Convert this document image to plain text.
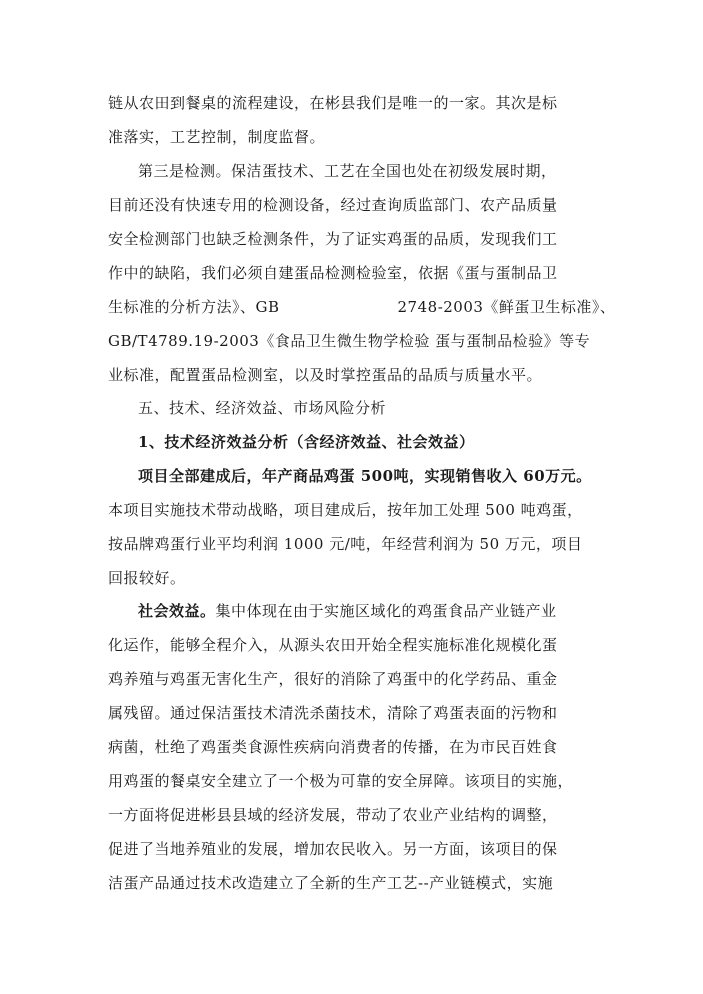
链从农田到餐桌的流程建设，在彬县我们是唯一的一家。其次是标
准落实，工艺控制，制度监督。
第三是检测。保洁蛋技术、工艺在全国也处在初级发展时期，
目前还没有快速专用的检测设备，经过查询质监部门、农产品质量
安全检测部门也缺乏检测条件，为了证实鸡蛋的品质，发现我们工
作中的缺陷，我们必须自建蛋品检测检验室，依据《蛋与蛋制品卫
生标准的分析方法》、GB	2748-2003《鲜蛋卫生标准》、
GB/T4789.19-2003《食品卫生微生物学检验 蛋与蛋制品检验》等专
业标准，配置蛋品检测室，以及时掌控蛋品的品质与质量水平。
五、技术、经济效益、市场风险分析
1、技术经济效益分析（含经济效益、社会效益）
项目全部建成后，年产商品鸡蛋 500吨，实现销售收入 60万元。
本项目实施技术带动战略，项目建成后，按年加工处理 500 吨鸡蛋，
按品牌鸡蛋行业平均利润 1000 元/吨，年经营利润为 50 万元，项目
回报较好。
社会效益。集中体现在由于实施区域化的鸡蛋食品产业链产业
化运作，能够全程介入，从源头农田开始全程实施标准化规模化蛋
鸡养殖与鸡蛋无害化生产，很好的消除了鸡蛋中的化学药品、重金
属残留。通过保洁蛋技术清洗杀菌技术，清除了鸡蛋表面的污物和
病菌，杜绝了鸡蛋类食源性疾病向消费者的传播，在为市民百姓食
用鸡蛋的餐桌安全建立了一个极为可靠的安全屏障。该项目的实施，
一方面将促进彬县县域的经济发展，带动了农业产业结构的调整，
促进了当地养殖业的发展，增加农民收入。另一方面，该项目的保
洁蛋产品通过技术改造建立了全新的生产工艺--产业链模式，实施
